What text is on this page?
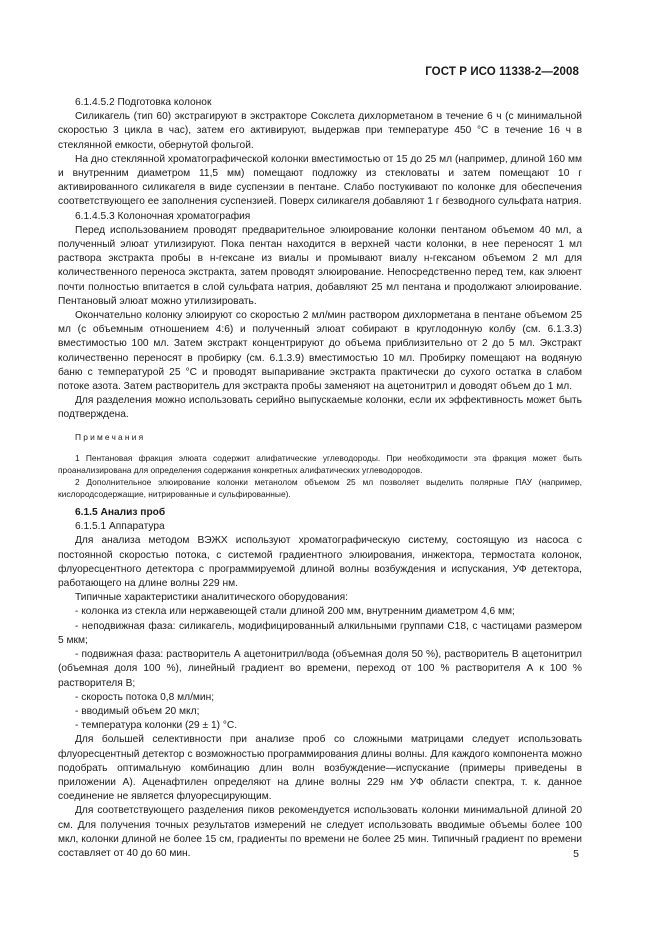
ГОСТ Р ИСО 11338-2—2008

6.1.4.5.2 Подготовка колонок

Силикагель (тип 60) экстрагируют в экстракторе Сокслета дихлорметаном в течение 6 ч (с минимальной скоростью 3 цикла в час), затем его активируют, выдержав при температуре 450 °С в течение 16 ч в стеклянной емкости, обернутой фольгой.

На дно стеклянной хроматографической колонки вместимостью от 15 до 25 мл (например, длиной 160 мм и внутренним диаметром 11,5 мм) помещают подложку из стекловаты и затем помещают 10 г активированного силикагеля в виде суспензии в пентане. Слабо постукивают по колонке для обеспечения соответствующего ее заполнения суспензией. Поверх силикагеля добавляют 1 г безводного сульфата натрия.

6.1.4.5.3 Колоночная хроматография

Перед использованием проводят предварительное элюирование колонки пентаном объемом 40 мл, а полученный элюат утилизируют. Пока пентан находится в верхней части колонки, в нее переносят 1 мл раствора экстракта пробы в н-гексане из виалы и промывают виалу н-гексаном объемом 2 мл для количественного переноса экстракта, затем проводят элюирование. Непосредственно перед тем, как элюент почти полностью впитается в слой сульфата натрия, добавляют 25 мл пентана и продолжают элюирование. Пентановый элюат можно утилизировать.

Окончательно колонку элюируют со скоростью 2 мл/мин раствором дихлорметана в пентане объемом 25 мл (с объемным отношением 4:6) и полученный элюат собирают в круглодонную колбу (см. 6.1.3.3) вместимостью 100 мл. Затем экстракт концентрируют до объема приблизительно от 2 до 5 мл. Экстракт количественно переносят в пробирку (см. 6.1.3.9) вместимостью 10 мл. Пробирку помещают на водяную баню с температурой 25 °С и проводят выпаривание экстракта практически до сухого остатка в слабом потоке азота. Затем растворитель для экстракта пробы заменяют на ацетонитрил и доводят объем до 1 мл.

Для разделения можно использовать серийно выпускаемые колонки, если их эффективность может быть подтверждена.

Примечания

1 Пентановая фракция элюата содержит алифатические углеводороды. При необходимости эта фракция может быть проанализирована для определения содержания конкретных алифатических углеводородов.

2 Дополнительное элюирование колонки метанолом объемом 25 мл позволяет выделить полярные ПАУ (например, кислородсодержащие, нитрированные и сульфированные).

6.1.5 Анализ проб

6.1.5.1 Аппаратура

Для анализа методом ВЭЖХ используют хроматографическую систему, состоящую из насоса с постоянной скоростью потока, с системой градиентного элюирования, инжектора, термостата колонок, флуоресцентного детектора с программируемой длиной волны возбуждения и испускания, УФ детектора, работающего на длине волны 229 нм.

Типичные характеристики аналитического оборудования:

- колонка из стекла или нержавеющей стали длиной 200 мм, внутренним диаметром 4,6 мм;

- неподвижная фаза: силикагель, модифицированный алкильными группами С18, с частицами размером 5 мкм;

- подвижная фаза: растворитель А ацетонитрил/вода (объемная доля 50 %), растворитель В ацетонитрил (объемная доля 100 %), линейный градиент во времени, переход от 100 % растворителя А к 100 % растворителя В;

- скорость потока 0,8 мл/мин;

- вводимый объем 20 мкл;

- температура колонки (29 ± 1) °С.

Для большей селективности при анализе проб со сложными матрицами следует использовать флуоресцентный детектор с возможностью программирования длины волны. Для каждого компонента можно подобрать оптимальную комбинацию длин волн возбуждение—испускание (примеры приведены в приложении А). Аценафтилен определяют на длине волны 229 нм УФ области спектра, т. к. данное соединение не является флуоресцирующим.

Для соответствующего разделения пиков рекомендуется использовать колонки минимальной длиной 20 см. Для получения точных результатов измерений не следует использовать вводимые объемы более 100 мкл, колонки длиной не более 15 см, градиенты по времени не более 25 мин. Типичный градиент по времени составляет от 40 до 60 мин.	5
